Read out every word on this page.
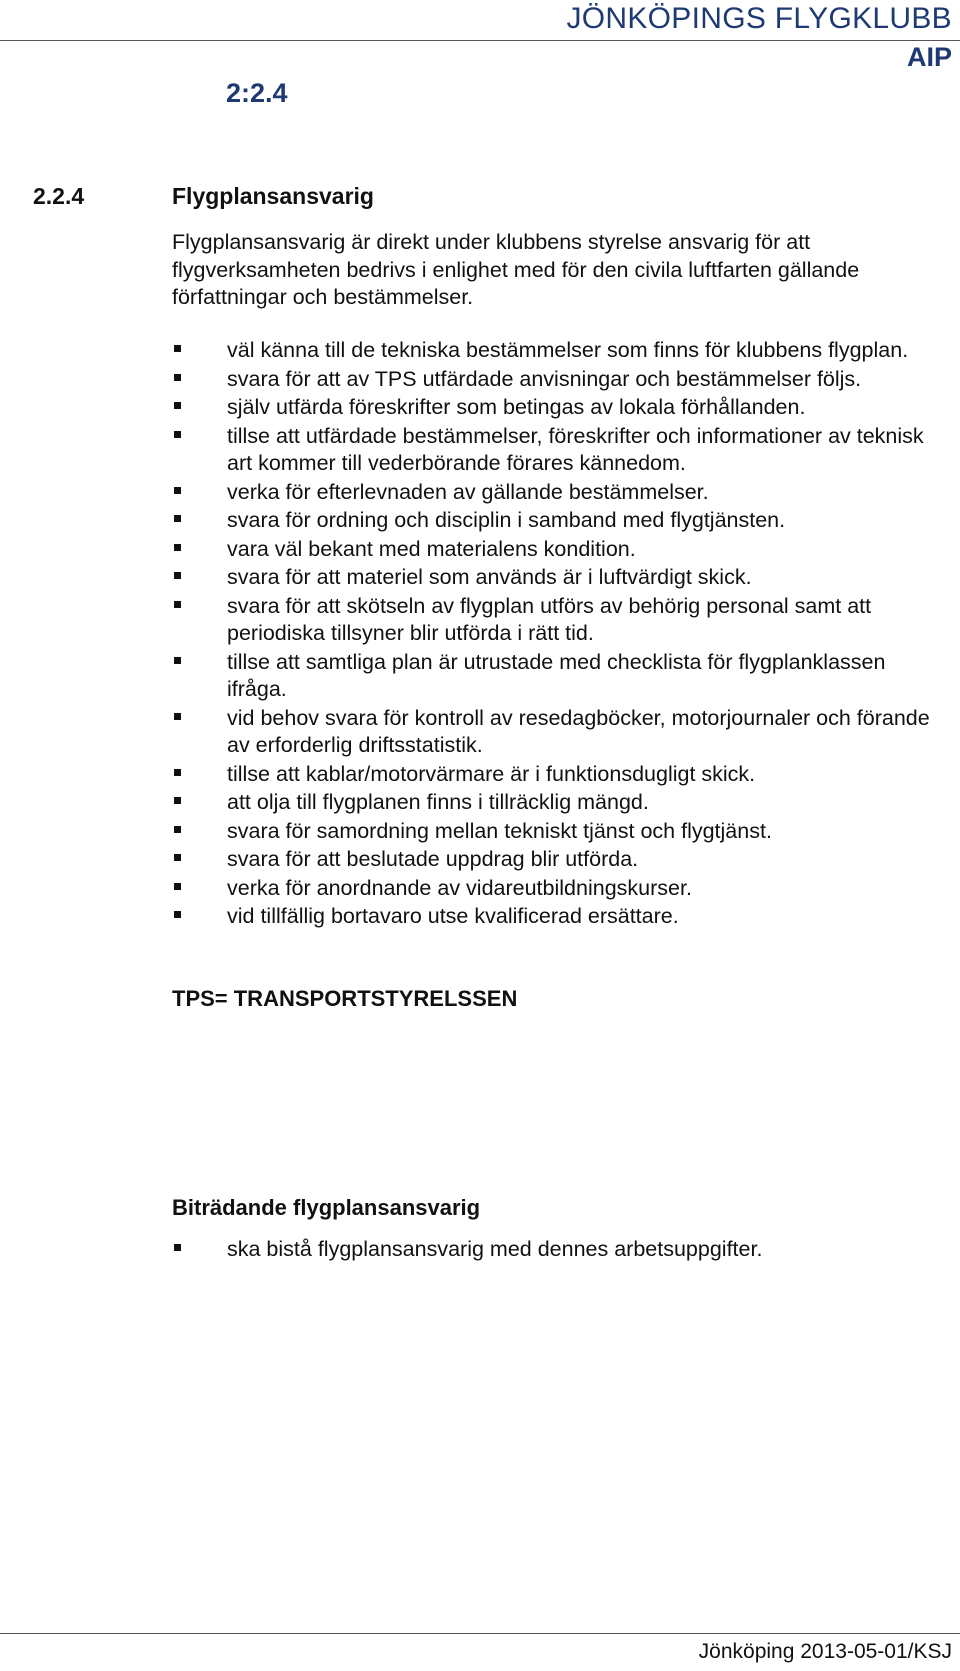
JÖNKÖPINGS FLYGKLUBB
AIP
2:2.4
2.2.4	Flygplansansvarig
Flygplansansvarig är direkt under klubbens styrelse ansvarig för att flygverksamheten bedrivs i enlighet med för den civila luftfarten gällande författningar och bestämmelser.
väl känna till de tekniska bestämmelser som finns för klubbens flygplan.
svara för att av TPS utfärdade anvisningar och bestämmelser följs.
själv utfärda föreskrifter som betingas av lokala förhållanden.
tillse att utfärdade bestämmelser, föreskrifter och informationer av teknisk art kommer till vederbörande förares kännedom.
verka för efterlevnaden av gällande bestämmelser.
svara för ordning och disciplin i samband med flygtjänsten.
vara väl bekant med materialens kondition.
svara för att materiel som används är i luftvärdigt skick.
svara för att skötseln av flygplan utförs av behörig personal samt att periodiska tillsyner blir utförda i rätt tid.
tillse att samtliga plan är utrustade med checklista för flygplanklassen ifråga.
vid behov svara för kontroll av resedagböcker, motorjournaler och förande av erforderlig driftsstatistik.
tillse att kablar/motorvärmare är i funktionsdugligt skick.
att olja till flygplanen finns i tillräcklig mängd.
svara för samordning mellan tekniskt tjänst och flygtjänst.
svara för att beslutade uppdrag blir utförda.
verka för anordnande av vidareutbildningskurser.
vid tillfällig bortavaro utse kvalificerad ersättare.
TPS= TRANSPORTSTYRELSSEN
Biträdande flygplansansvarig
ska bistå flygplansansvarig med dennes arbetsuppgifter.
Jönköping 2013-05-01/KSJ
